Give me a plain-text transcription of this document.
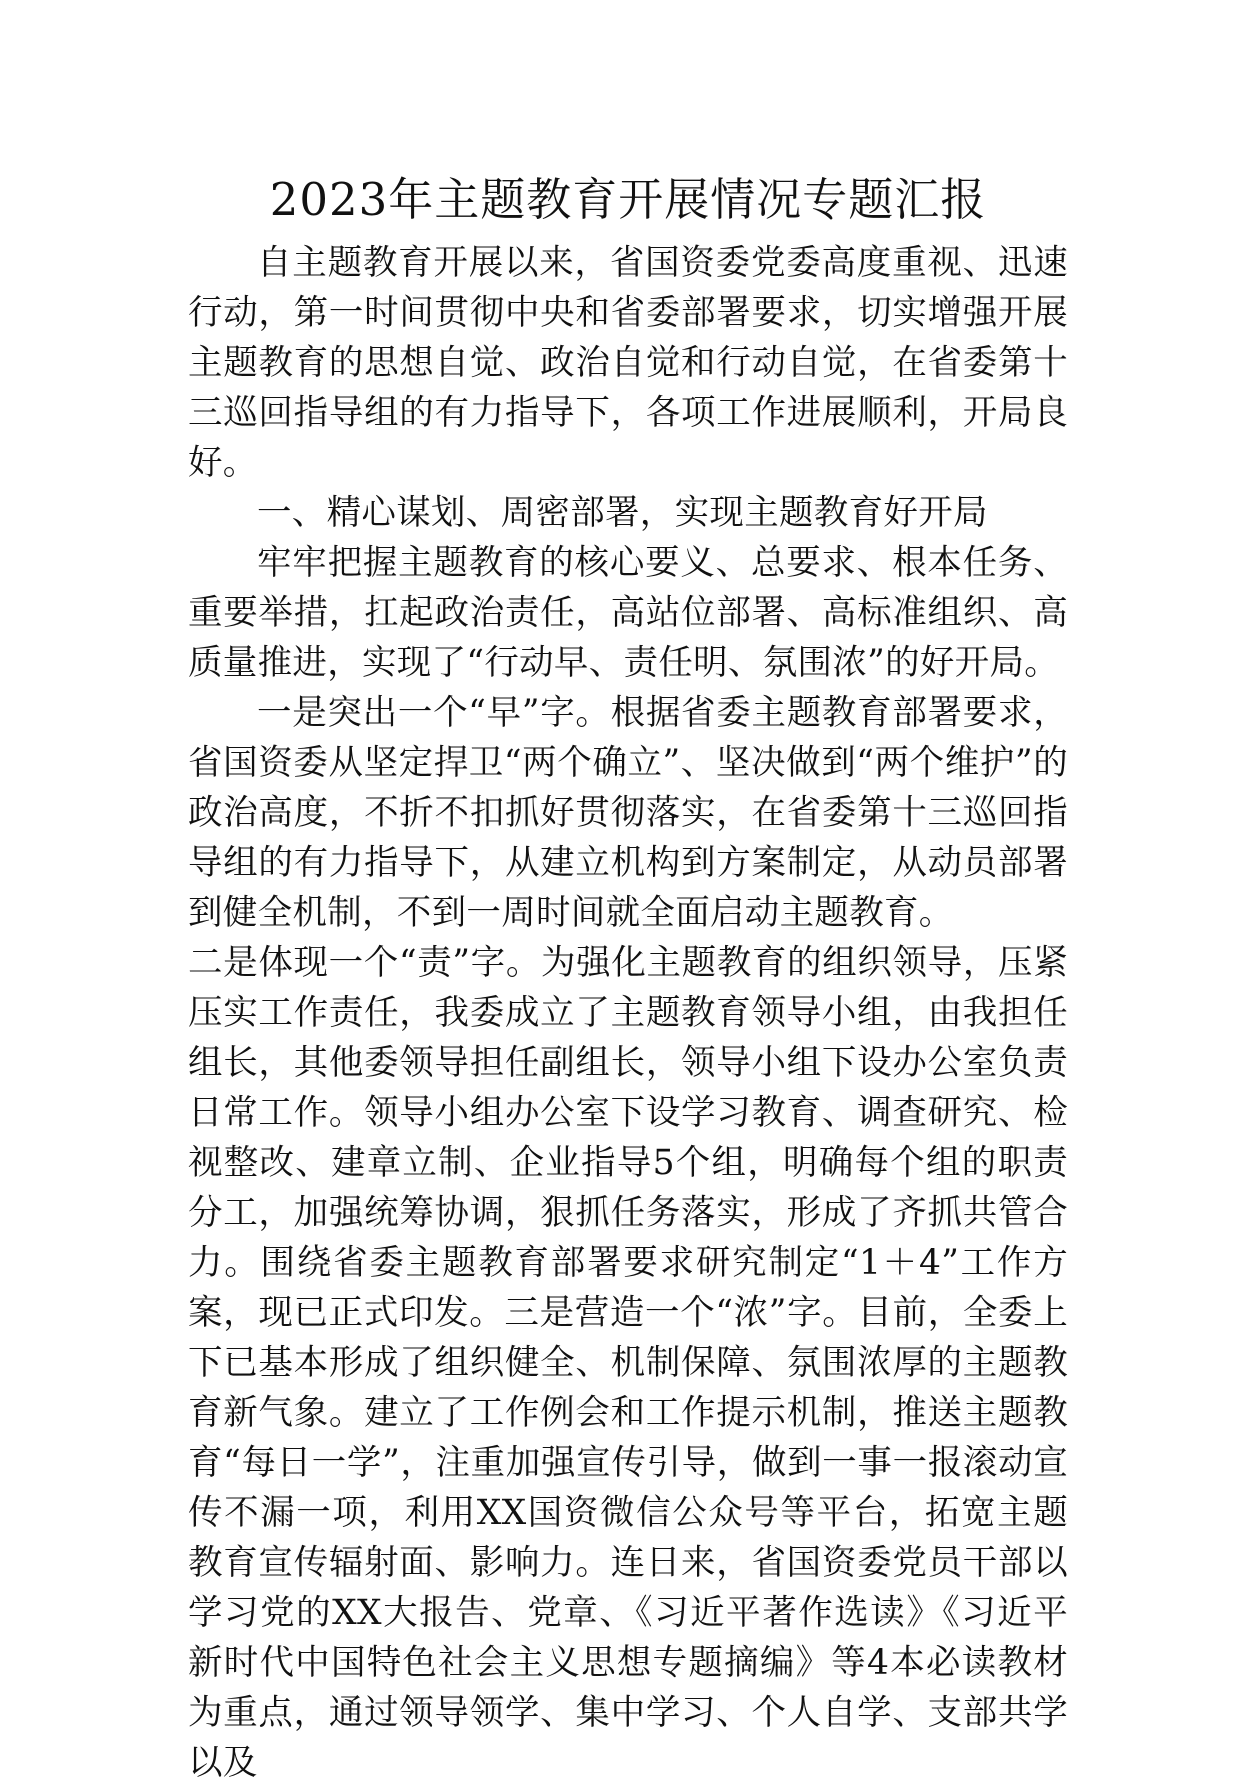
2023年主题教育开展情况专题汇报

自主题教育开展以来，省国资委党委高度重视、迅速行动，第一时间贯彻中央和省委部署要求，切实增强开展主题教育的思想自觉、政治自觉和行动自觉，在省委第十三巡回指导组的有力指导下，各项工作进展顺利，开局良好。

一、精心谋划、周密部署，实现主题教育好开局

牢牢把握主题教育的核心要义、总要求、根本任务、重要举措，扛起政治责任，高站位部署、高标准组织、高质量推进，实现了“行动早、责任明、氛围浓”的好开局。

一是突出一个“早”字。根据省委主题教育部署要求，省国资委从坚定捍卫“两个确立”、坚决做到“两个维护”的政治高度，不折不扣抓好贯彻落实，在省委第十三巡回指导组的有力指导下，从建立机构到方案制定，从动员部署到健全机制，不到一周时间就全面启动主题教育。

二是体现一个“责”字。为强化主题教育的组织领导，压紧压实工作责任，我委成立了主题教育领导小组，由我担任组长，其他委领导担任副组长，领导小组下设办公室负责日常工作。领导小组办公室下设学习教育、调查研究、检视整改、建章立制、企业指导5个组，明确每个组的职责分工，加强统筹协调，狠抓任务落实，形成了齐抓共管合力。围绕省委主题教育部署要求研究制定“1＋4”工作方案，现已正式印发。三是营造一个“浓”字。目前，全委上下已基本形成了组织健全、机制保障、氛围浓厚的主题教育新气象。建立了工作例会和工作提示机制，推送主题教育“每日一学”，注重加强宣传引导，做到一事一报滚动宣传不漏一项，利用XX国资微信公众号等平台，拓宽主题教育宣传辐射面、影响力。连日来，省国资委党员干部以学习党的XX大报告、党章、《习近平著作选读》《习近平新时代中国特色社会主义思想专题摘编》等4本必读教材为重点，通过领导领学、集中学习、个人自学、支部共学以及
